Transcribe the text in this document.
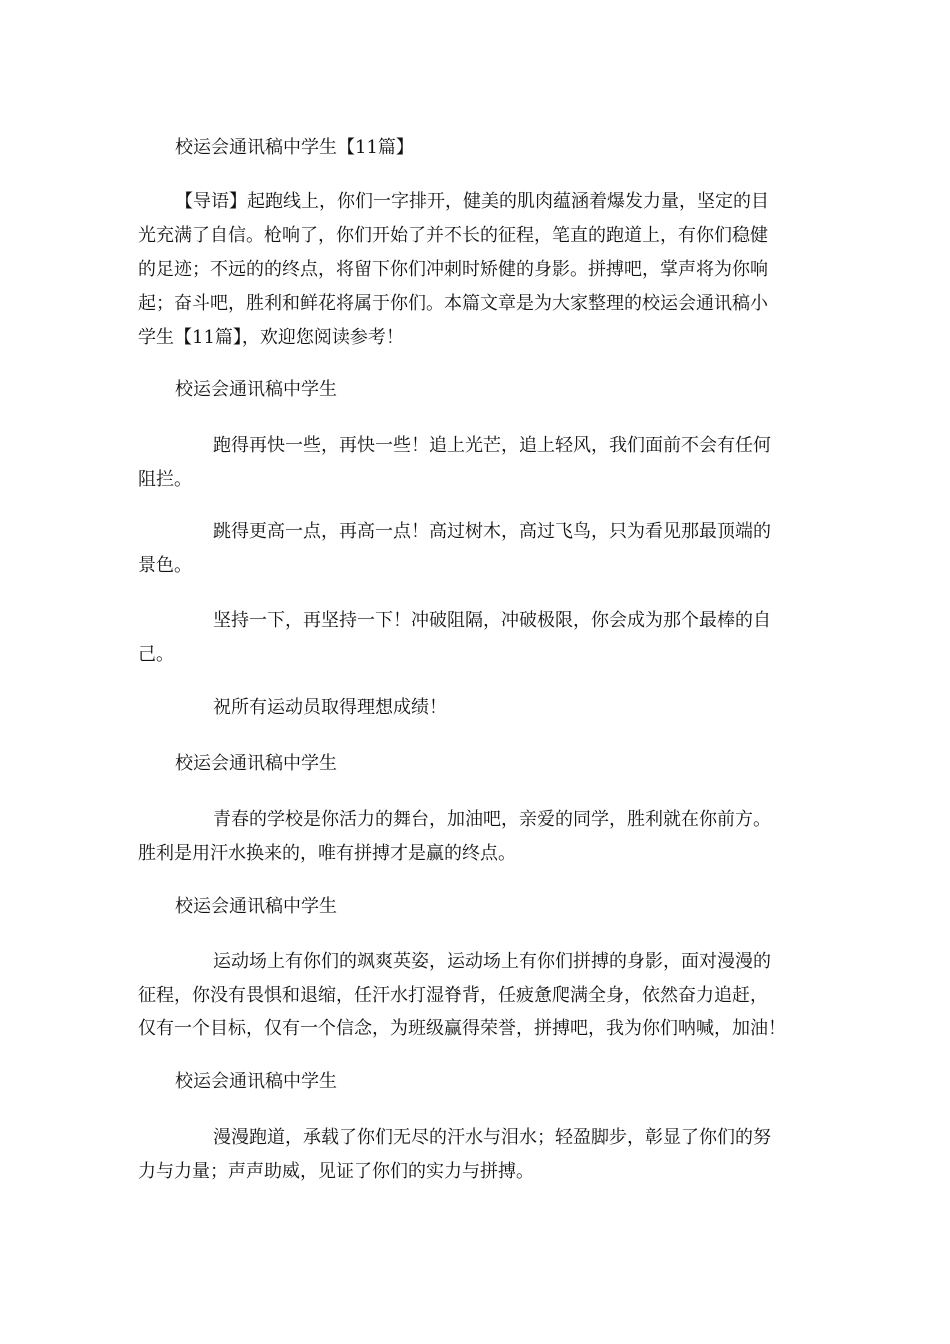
校运会通讯稿中学生【11篇】

【导语】起跑线上，你们一字排开，健美的肌肉蕴涵着爆发力量，坚定的目

光充满了自信。枪响了，你们开始了并不长的征程，笔直的跑道上，有你们稳健

的足迹；不远的的终点，将留下你们冲刺时矫健的身影。拼搏吧，掌声将为你响

起；奋斗吧，胜利和鲜花将属于你们。本篇文章是为大家整理的校运会通讯稿小

学生【11篇】，欢迎您阅读参考！

校运会通讯稿中学生

跑得再快一些，再快一些！追上光芒，追上轻风，我们面前不会有任何

阻拦。

跳得更高一点，再高一点！高过树木，高过飞鸟，只为看见那最顶端的

景色。

坚持一下，再坚持一下！冲破阻隔，冲破极限，你会成为那个最棒的自

己。

祝所有运动员取得理想成绩！

校运会通讯稿中学生

青春的学校是你活力的舞台，加油吧，亲爱的同学，胜利就在你前方。

胜利是用汗水换来的，唯有拼搏才是赢的终点。

校运会通讯稿中学生

运动场上有你们的飒爽英姿，运动场上有你们拼搏的身影，面对漫漫的

征程，你没有畏惧和退缩，任汗水打湿脊背，任疲惫爬满全身，依然奋力追赶，

仅有一个目标，仅有一个信念，为班级赢得荣誉，拼搏吧，我为你们呐喊，加油！

校运会通讯稿中学生

漫漫跑道，承载了你们无尽的汗水与泪水；轻盈脚步，彰显了你们的努

力与力量；声声助威，见证了你们的实力与拼搏。
